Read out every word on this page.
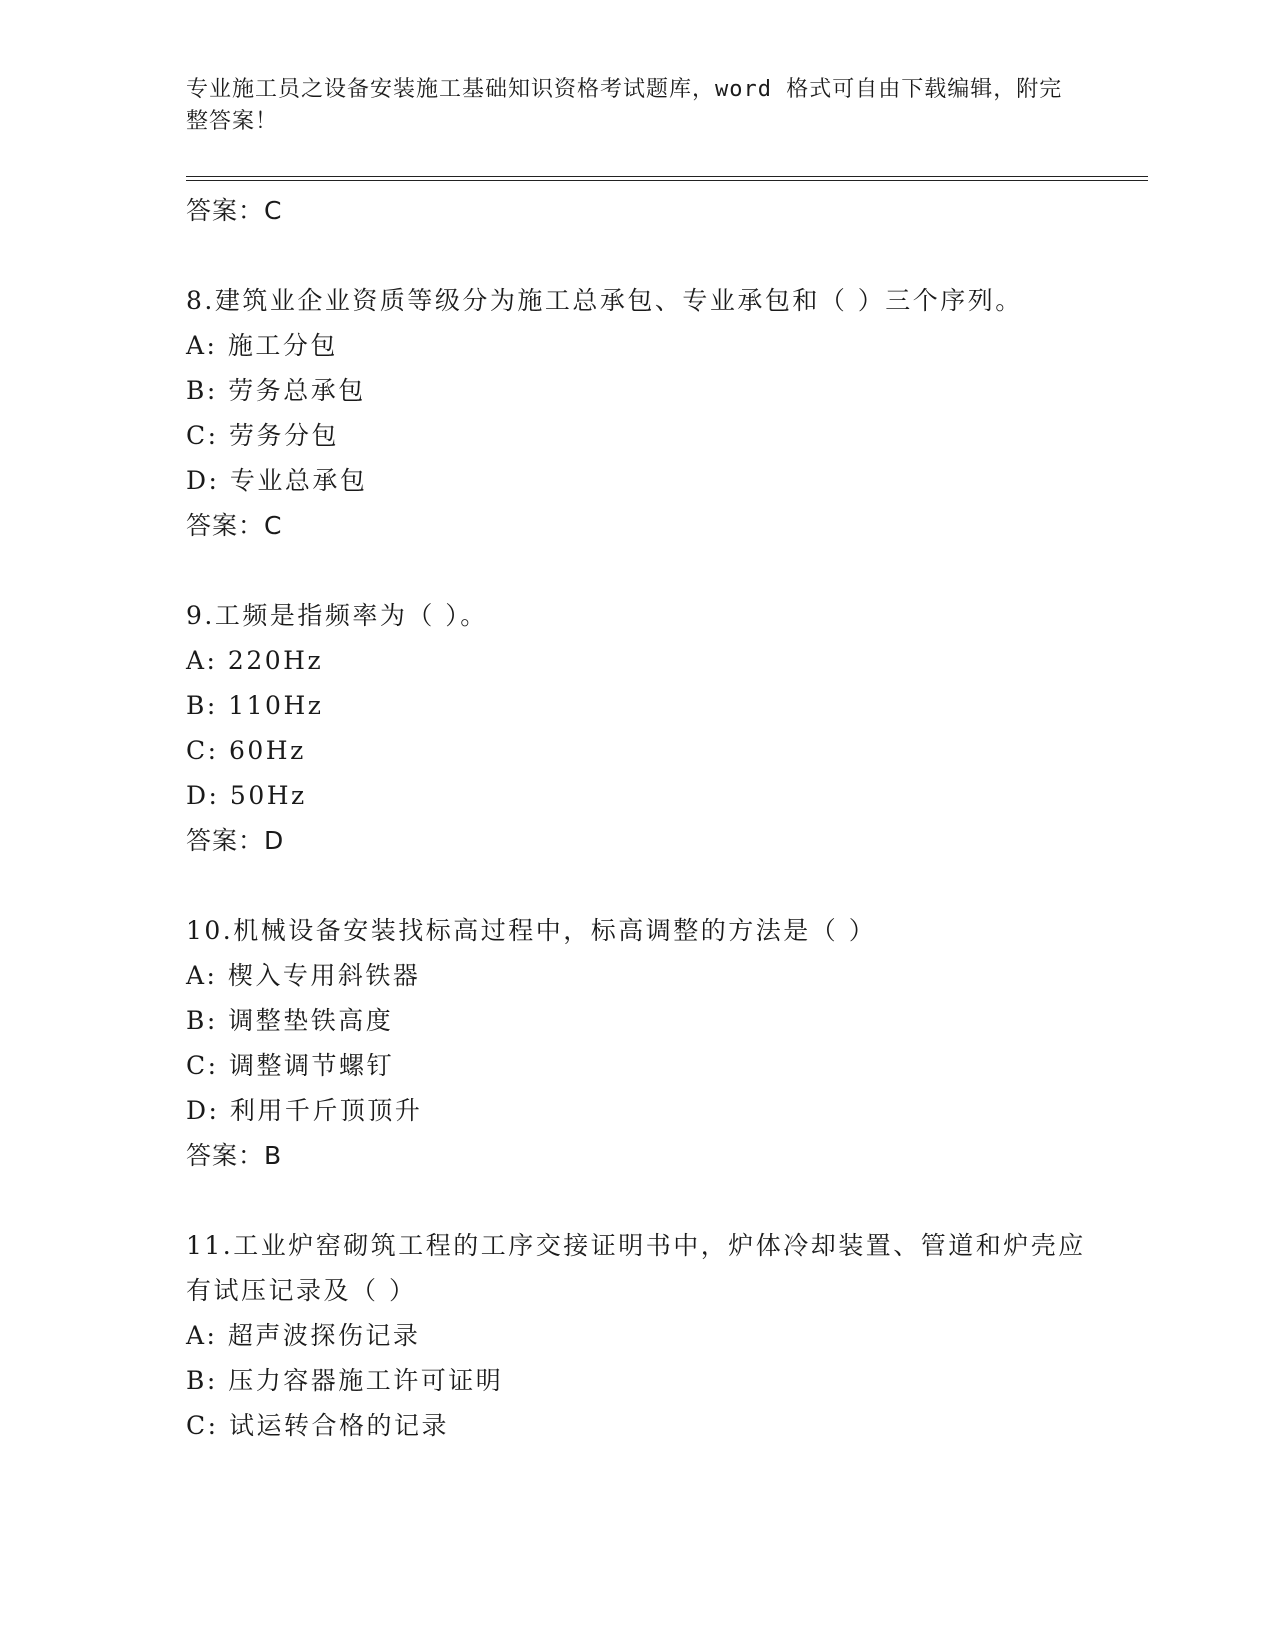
专业施工员之设备安装施工基础知识资格考试题库，word 格式可自由下载编辑，附完整答案！
答案：C
8.建筑业企业资质等级分为施工总承包、专业承包和（ ）三个序列。
A: 施工分包
B: 劳务总承包
C: 劳务分包
D: 专业总承包
答案：C
9.工频是指频率为（ ）。
A: 220Hz
B: 110Hz
C: 60Hz
D: 50Hz
答案：D
10.机械设备安装找标高过程中，标高调整的方法是（ ）
A: 楔入专用斜铁器
B: 调整垫铁高度
C: 调整调节螺钉
D: 利用千斤顶顶升
答案：B
11.工业炉窑砌筑工程的工序交接证明书中，炉体冷却装置、管道和炉壳应有试压记录及（ ）
A: 超声波探伤记录
B: 压力容器施工许可证明
C: 试运转合格的记录
